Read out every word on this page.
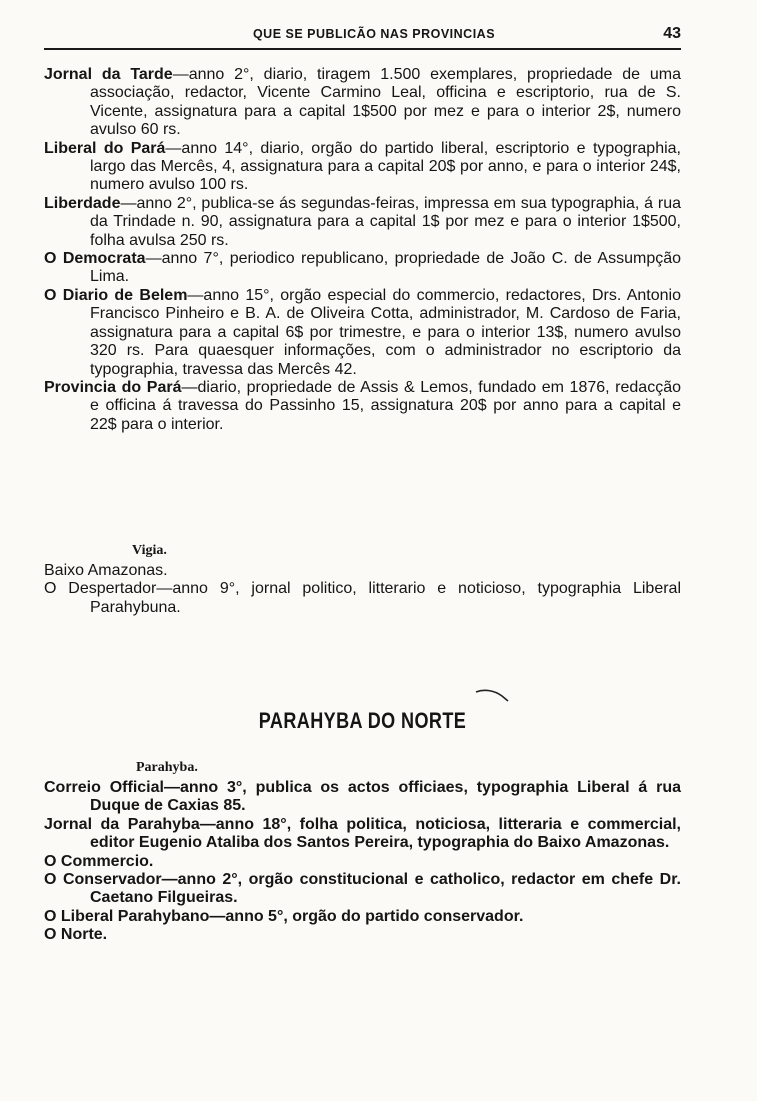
QUE SE PUBLICÃO NAS PROVINCIAS	43

Jornal da Tarde—anno 2°, diario, tiragem 1.500 exemplares, propriedade de uma associação, redactor, Vicente Carmino Leal, officina e escriptorio, rua de S. Vicente, assignatura para a capital 1$500 por mez e para o interior 2$, numero avulso 60 rs.

Liberal do Pará—anno 14°, diario, orgão do partido liberal, escriptorio e typographia, largo das Mercês, 4, assignatura para a capital 20$ por anno, e para o interior 24$, numero avulso 100 rs.

Liberdade—anno 2°, publica-se ás segundas-feiras, impressa em sua typographia, á rua da Trindade n. 90, assignatura para a capital 1$ por mez e para o interior 1$500, folha avulsa 250 rs.

O Democrata—anno 7°, periodico republicano, propriedade de João C. de Assumpção Lima.

O Diario de Belem—anno 15°, orgão especial do commercio, redactores, Drs. Antonio Francisco Pinheiro e B. A. de Oliveira Cotta, administrador, M. Cardoso de Faria, assignatura para a capital 6$ por trimestre, e para o interior 13$, numero avulso 320 rs. Para quaesquer informações, com o administrador no escriptorio da typographia, travessa das Mercês 42.

Provincia do Pará—diario, propriedade de Assis & Lemos, fundado em 1876, redacção e officina á travessa do Passinho 15, assignatura 20$ por anno para a capital e 22$ para o interior.

Vigia.

Baixo Amazonas.

O Despertador—anno 9°, jornal politico, litterario e noticioso, typographia Liberal Parahybuna.

PARAHYBA DO NORTE

Parahyba.

Correio Official—anno 3°, publica os actos officiaes, typographia Liberal á rua Duque de Caxias 85.

Jornal da Parahyba—anno 18°, folha politica, noticiosa, litteraria e commercial, editor Eugenio Ataliba dos Santos Pereira, typographia do Baixo Amazonas.

O Commercio.

O Conservador—anno 2°, orgão constitucional e catholico, redactor em chefe Dr. Caetano Filgueiras.

O Liberal Parahybano—anno 5°, orgão do partido conservador.

O Norte.
